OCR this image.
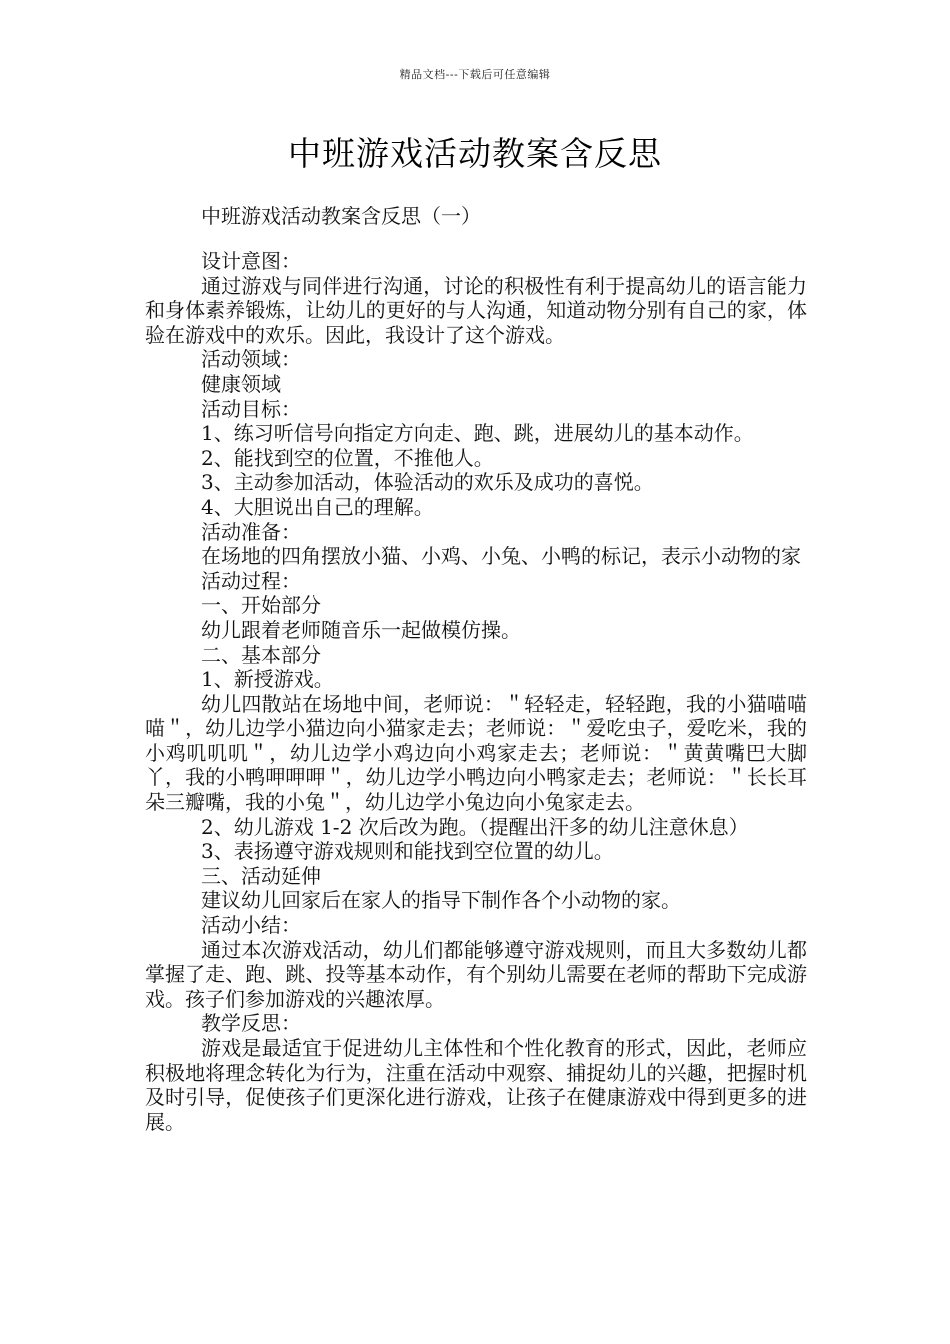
精品文档---下载后可任意编辑
中班游戏活动教案含反思
中班游戏活动教案含反思（一）

设计意图：

通过游戏与同伴进行沟通，讨论的积极性有利于提高幼儿的语言能力和身体素养锻炼，让幼儿的更好的与人沟通，知道动物分别有自己的家，体验在游戏中的欢乐。因此，我设计了这个游戏。

活动领域：

健康领域

活动目标：

1、练习听信号向指定方向走、跑、跳，进展幼儿的基本动作。

2、能找到空的位置，不推他人。

3、主动参加活动，体验活动的欢乐及成功的喜悦。

4、大胆说出自己的理解。

活动准备：

在场地的四角摆放小猫、小鸡、小兔、小鸭的标记，表示小动物的家

活动过程：

一、开始部分

幼儿跟着老师随音乐一起做模仿操。

二、基本部分

1、新授游戏。

幼儿四散站在场地中间，老师说：＂轻轻走，轻轻跑，我的小猫喵喵喵＂，幼儿边学小猫边向小猫家走去；老师说：＂爱吃虫子，爱吃米，我的小鸡叽叽叽＂，幼儿边学小鸡边向小鸡家走去；老师说：＂黄黄嘴巴大脚丫，我的小鸭呷呷呷＂，幼儿边学小鸭边向小鸭家走去；老师说：＂长长耳朵三瓣嘴，我的小兔＂，幼儿边学小兔边向小兔家走去。

2、幼儿游戏 1-2 次后改为跑。（提醒出汗多的幼儿注意休息）

3、表扬遵守游戏规则和能找到空位置的幼儿。

三、活动延伸

建议幼儿回家后在家人的指导下制作各个小动物的家。

活动小结：

通过本次游戏活动，幼儿们都能够遵守游戏规则，而且大多数幼儿都掌握了走、跑、跳、投等基本动作，有个别幼儿需要在老师的帮助下完成游戏。孩子们参加游戏的兴趣浓厚。

教学反思：

游戏是最适宜于促进幼儿主体性和个性化教育的形式，因此，老师应积极地将理念转化为行为，注重在活动中观察、捕捉幼儿的兴趣，把握时机及时引导，促使孩子们更深化进行游戏，让孩子在健康游戏中得到更多的进展。
